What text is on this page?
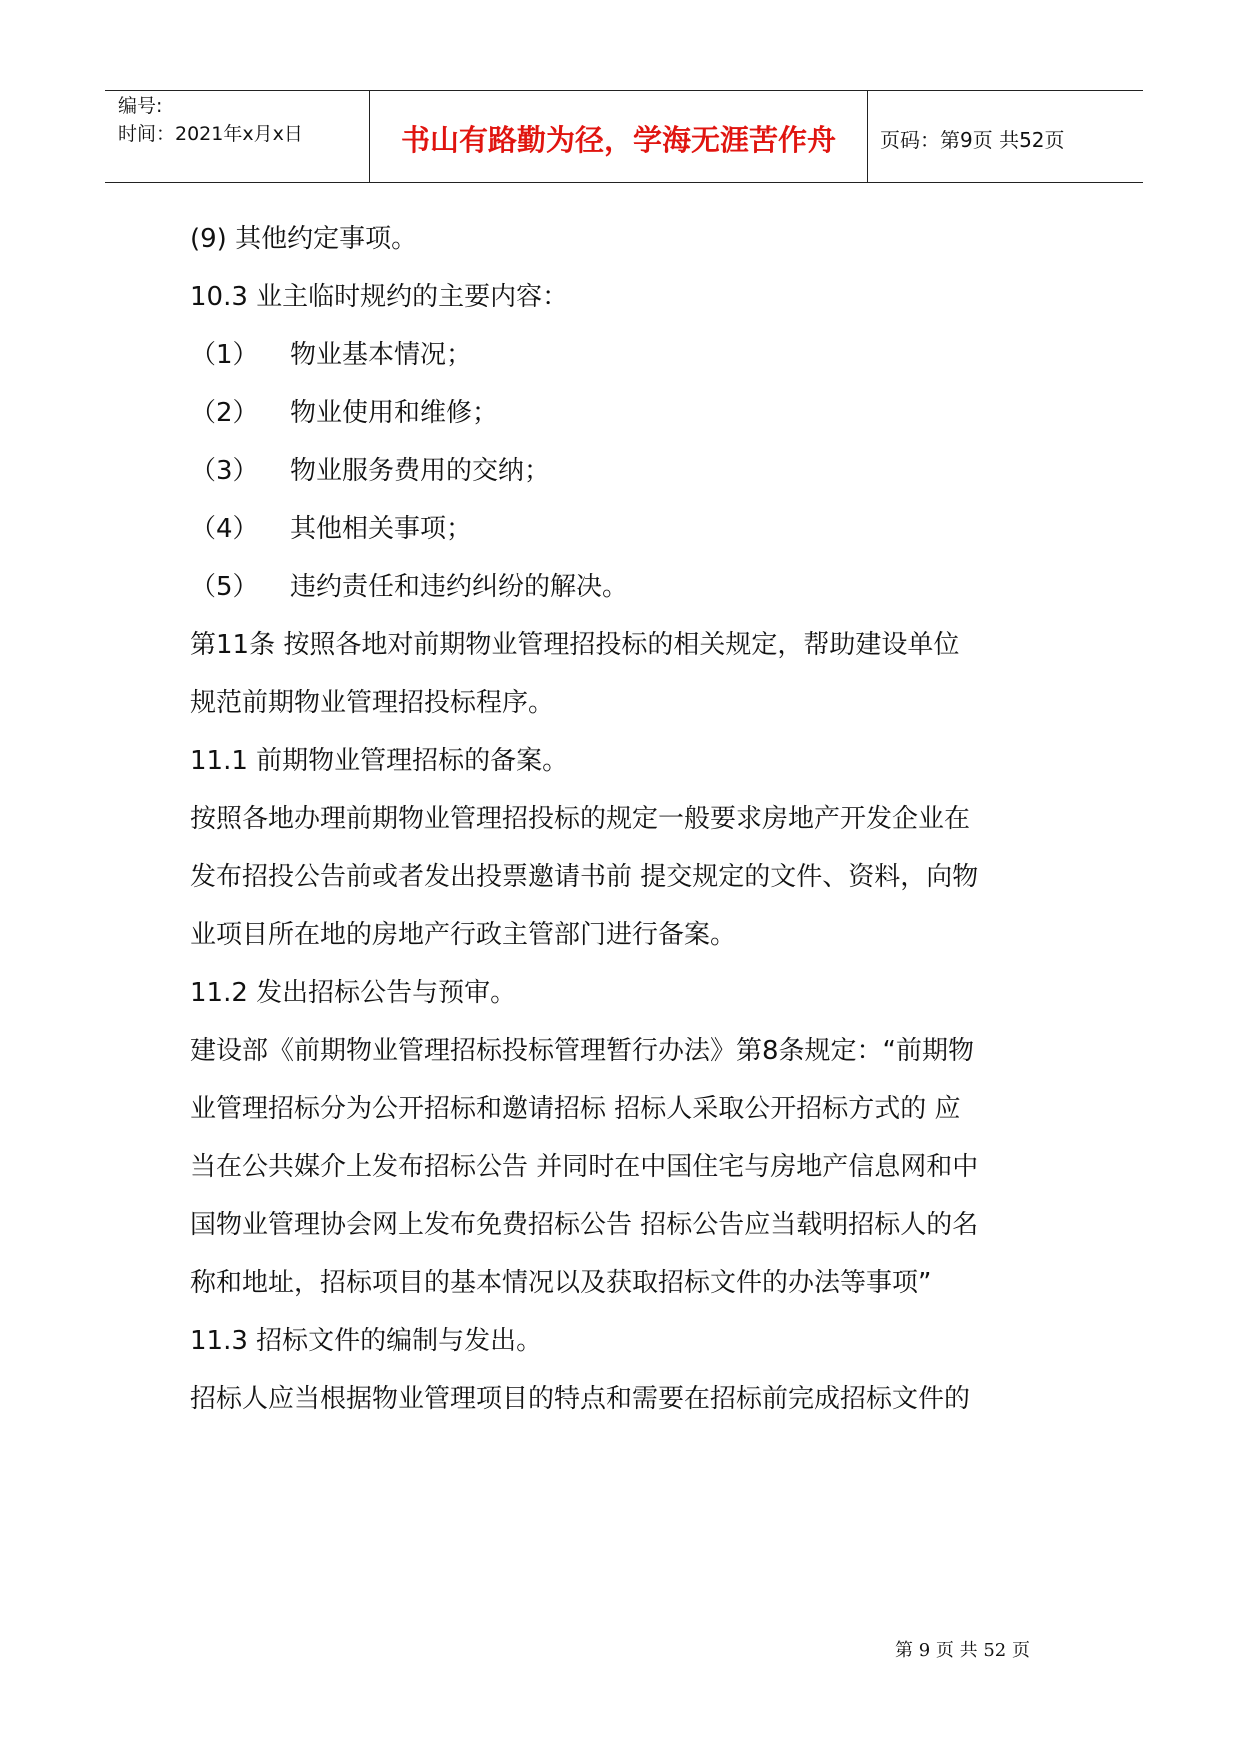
编号:
时间：2021年x月x日	书山有路勤为径，学海无涯苦作舟	页码：第9页 共52页
(9) 其他约定事项。
10.3 业主临时规约的主要内容：
（1） 物业基本情况；
（2） 物业使用和维修；
（3） 物业服务费用的交纳；
（4） 其他相关事项；
（5） 违约责任和违约纠纷的解决。
第11条 按照各地对前期物业管理招投标的相关规定，帮助建设单位
规范前期物业管理招投标程序。
11.1 前期物业管理招标的备案。
按照各地办理前期物业管理招投标的规定一般要求房地产开发企业在
发布招投公告前或者发出投票邀请书前 提交规定的文件、资料，向物
业项目所在地的房地产行政主管部门进行备案。
11.2 发出招标公告与预审。
建设部《前期物业管理招标投标管理暂行办法》第8条规定：“前期物
业管理招标分为公开招标和邀请招标 招标人采取公开招标方式的 应
当在公共媒介上发布招标公告 并同时在中国住宅与房地产信息网和中
国物业管理协会网上发布免费招标公告 招标公告应当载明招标人的名
称和地址，招标项目的基本情况以及获取招标文件的办法等事项”
11.3 招标文件的编制与发出。
招标人应当根据物业管理项目的特点和需要在招标前完成招标文件的
第 9 页 共 52 页
